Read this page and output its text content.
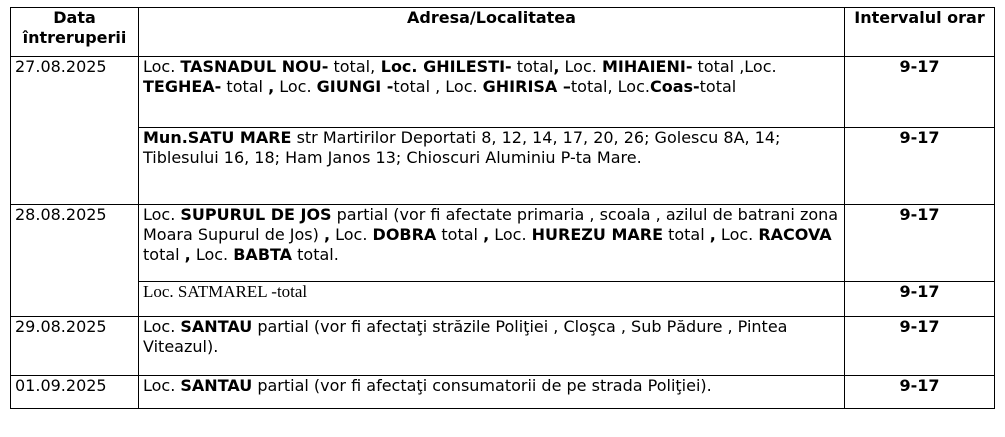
Data întreruperii	Adresa/Localitatea	Intervalul orar
27.08.2025	Loc. TASNADUL NOU- total, Loc. GHILESTI- total, Loc. MIHAIENI- total ,Loc. TEGHEA- total , Loc. GIUNGI -total , Loc. GHIRISA –total, Loc.Coas-total	9-17
	Mun.SATU MARE str Martirilor Deportati 8, 12, 14, 17, 20, 26; Golescu 8A, 14; Tiblesului 16, 18; Ham Janos 13; Chioscuri Aluminiu P-ta Mare.	9-17
28.08.2025	Loc. SUPURUL DE JOS partial (vor fi afectate primaria , scoala , azilul de batrani zona Moara Supurul de Jos) , Loc. DOBRA total , Loc. HUREZU MARE total , Loc. RACOVA total , Loc. BABTA total.	9-17
	Loc. SATMAREL -total	9-17
29.08.2025	Loc. SANTAU partial (vor fi afectaţi străzile Poliţiei , Cloşca , Sub Pădure , Pintea Viteazul).	9-17
01.09.2025	Loc. SANTAU partial (vor fi afectaţi consumatorii de pe strada Poliţiei).	9-17
